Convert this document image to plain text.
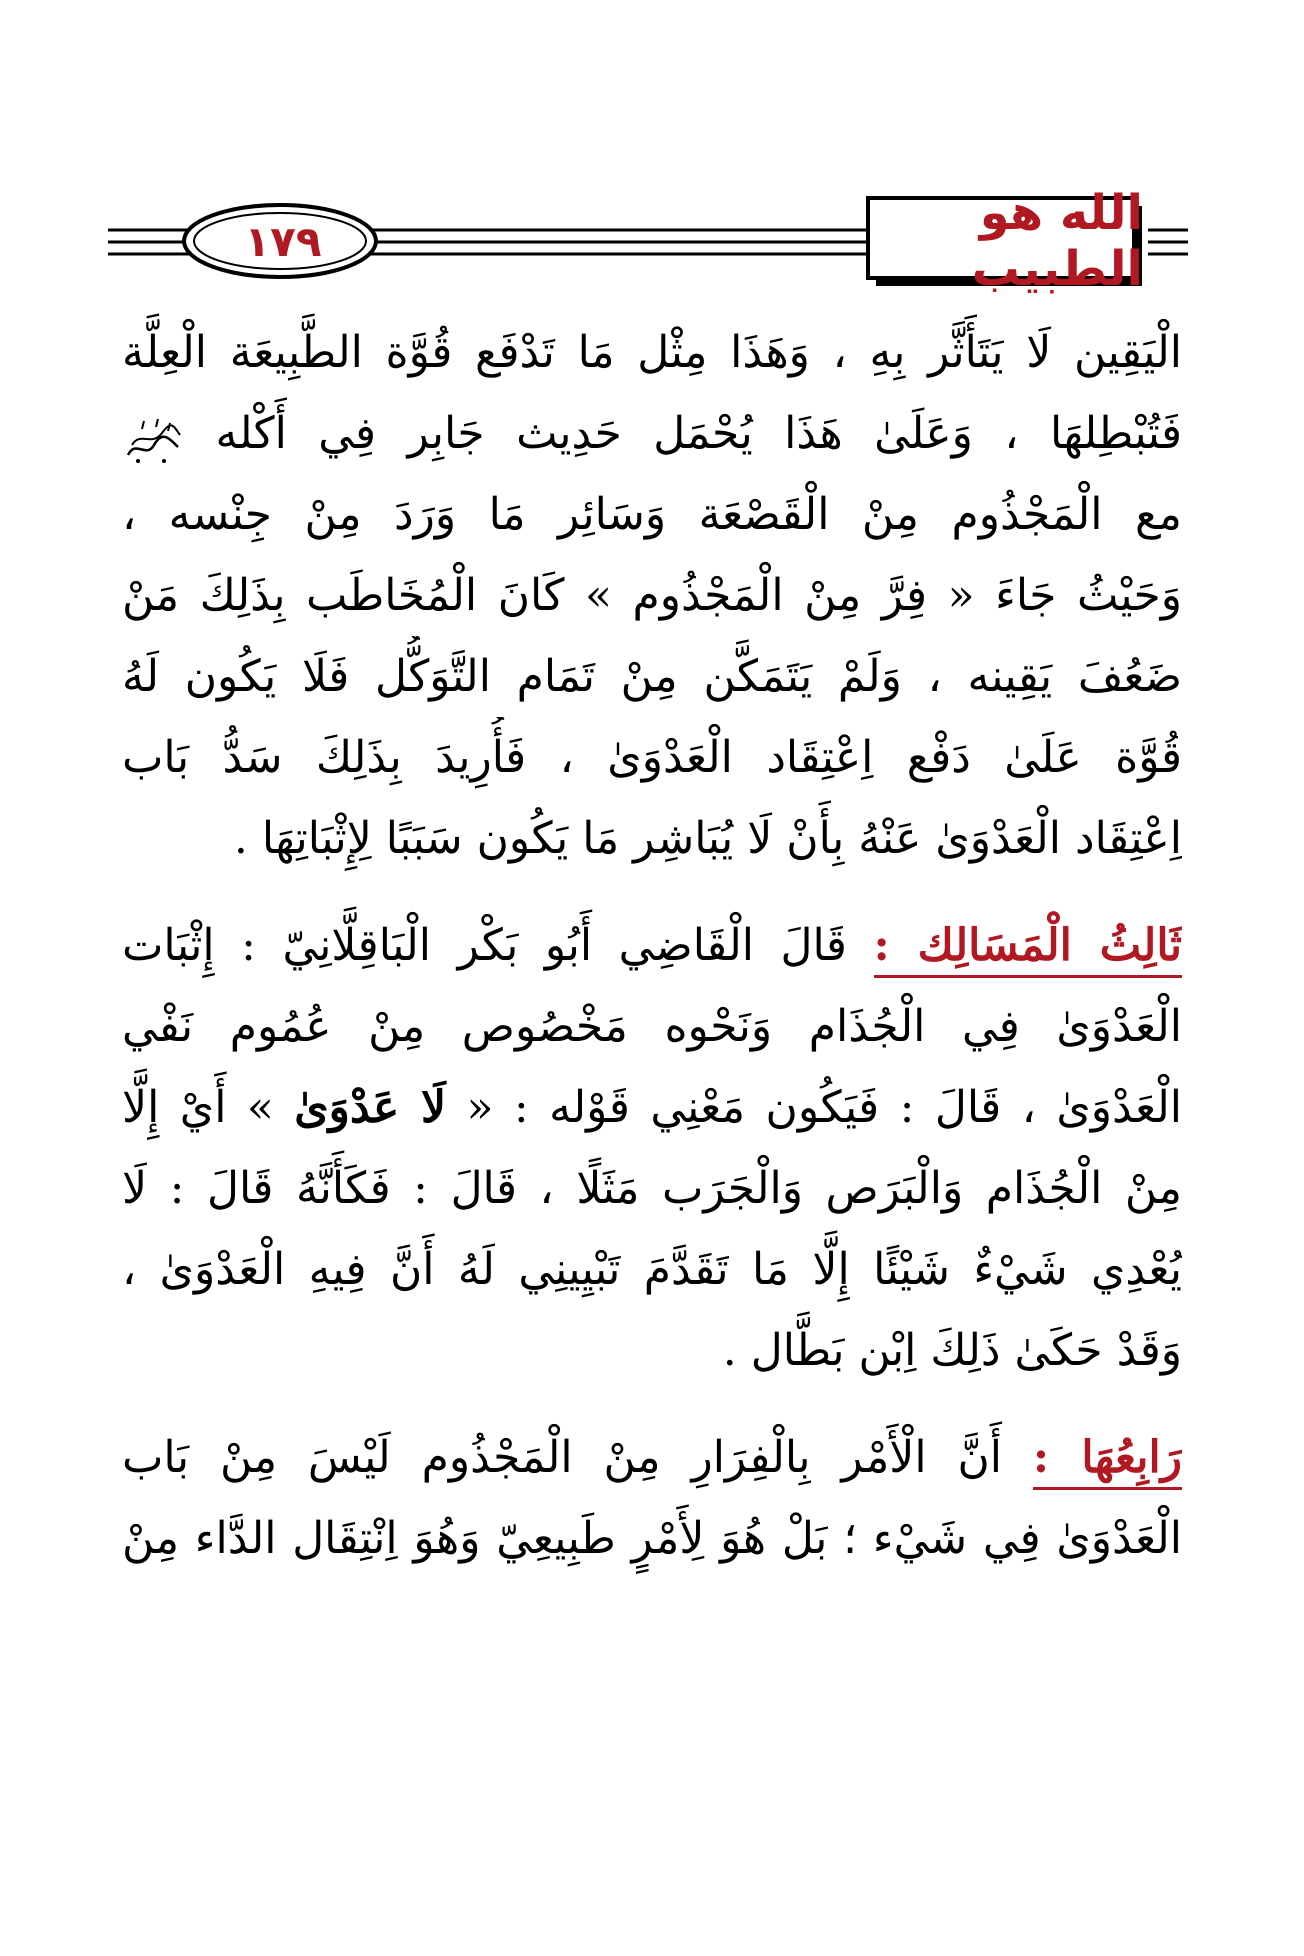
١٧٩	الله هو الطبيب
الْيَقِين لَا يَتَأَثَّر بِهِ ، وَهَذَا مِثْل مَا تَدْفَع قُوَّة الطَّبِيعَة الْعِلَّة
فَتُبْطِلهَا ، وَعَلَىٰ هَذَا يُحْمَل حَدِيث جَابِر فِي أَكْله
مع الْمَجْذُوم مِنْ الْقَصْعَة وَسَائِر مَا وَرَدَ مِنْ جِنْسه ،
وَحَيْثُ جَاءَ « فِرَّ مِنْ الْمَجْذُوم » كَانَ الْمُخَاطَب بِذَلِكَ مَنْ
ضَعُفَ يَقِينه ، وَلَمْ يَتَمَكَّن مِنْ تَمَام التَّوَكُّل فَلَا يَكُون لَهُ
قُوَّة عَلَىٰ دَفْع اِعْتِقَاد الْعَدْوَىٰ ، فَأُرِيدَ بِذَلِكَ سَدُّ بَاب
اِعْتِقَاد الْعَدْوَىٰ عَنْهُ بِأَنْ لَا يُبَاشِر مَا يَكُون سَبَبًا لِإِثْبَاتِهَا .
ثَالِثُ الْمَسَالِك : قَالَ الْقَاضِي أَبُو بَكْر الْبَاقِلَّانِيّ : إِثْبَات
الْعَدْوَىٰ فِي الْجُذَام وَنَحْوه مَخْصُوص مِنْ عُمُوم نَفْي
الْعَدْوَىٰ ، قَالَ : فَيَكُون مَعْنِي قَوْله : « لَا عَدْوَىٰ » أَيْ إِلَّا
مِنْ الْجُذَام وَالْبَرَص وَالْجَرَب مَثَلًا ، قَالَ : فَكَأَنَّهُ قَالَ : لَا
يُعْدِي شَيْءٌ شَيْئًا إِلَّا مَا تَقَدَّمَ تَبْيِينِي لَهُ أَنَّ فِيهِ الْعَدْوَىٰ ،
وَقَدْ حَكَىٰ ذَلِكَ اِبْن بَطَّال .
رَابِعُهَا : أَنَّ الْأَمْر بِالْفِرَارِ مِنْ الْمَجْذُوم لَيْسَ مِنْ بَاب
الْعَدْوَىٰ فِي شَيْء ؛ بَلْ هُوَ لِأَمْرٍ طَبِيعِيّ وَهُوَ اِنْتِقَال الدَّاء مِنْ
